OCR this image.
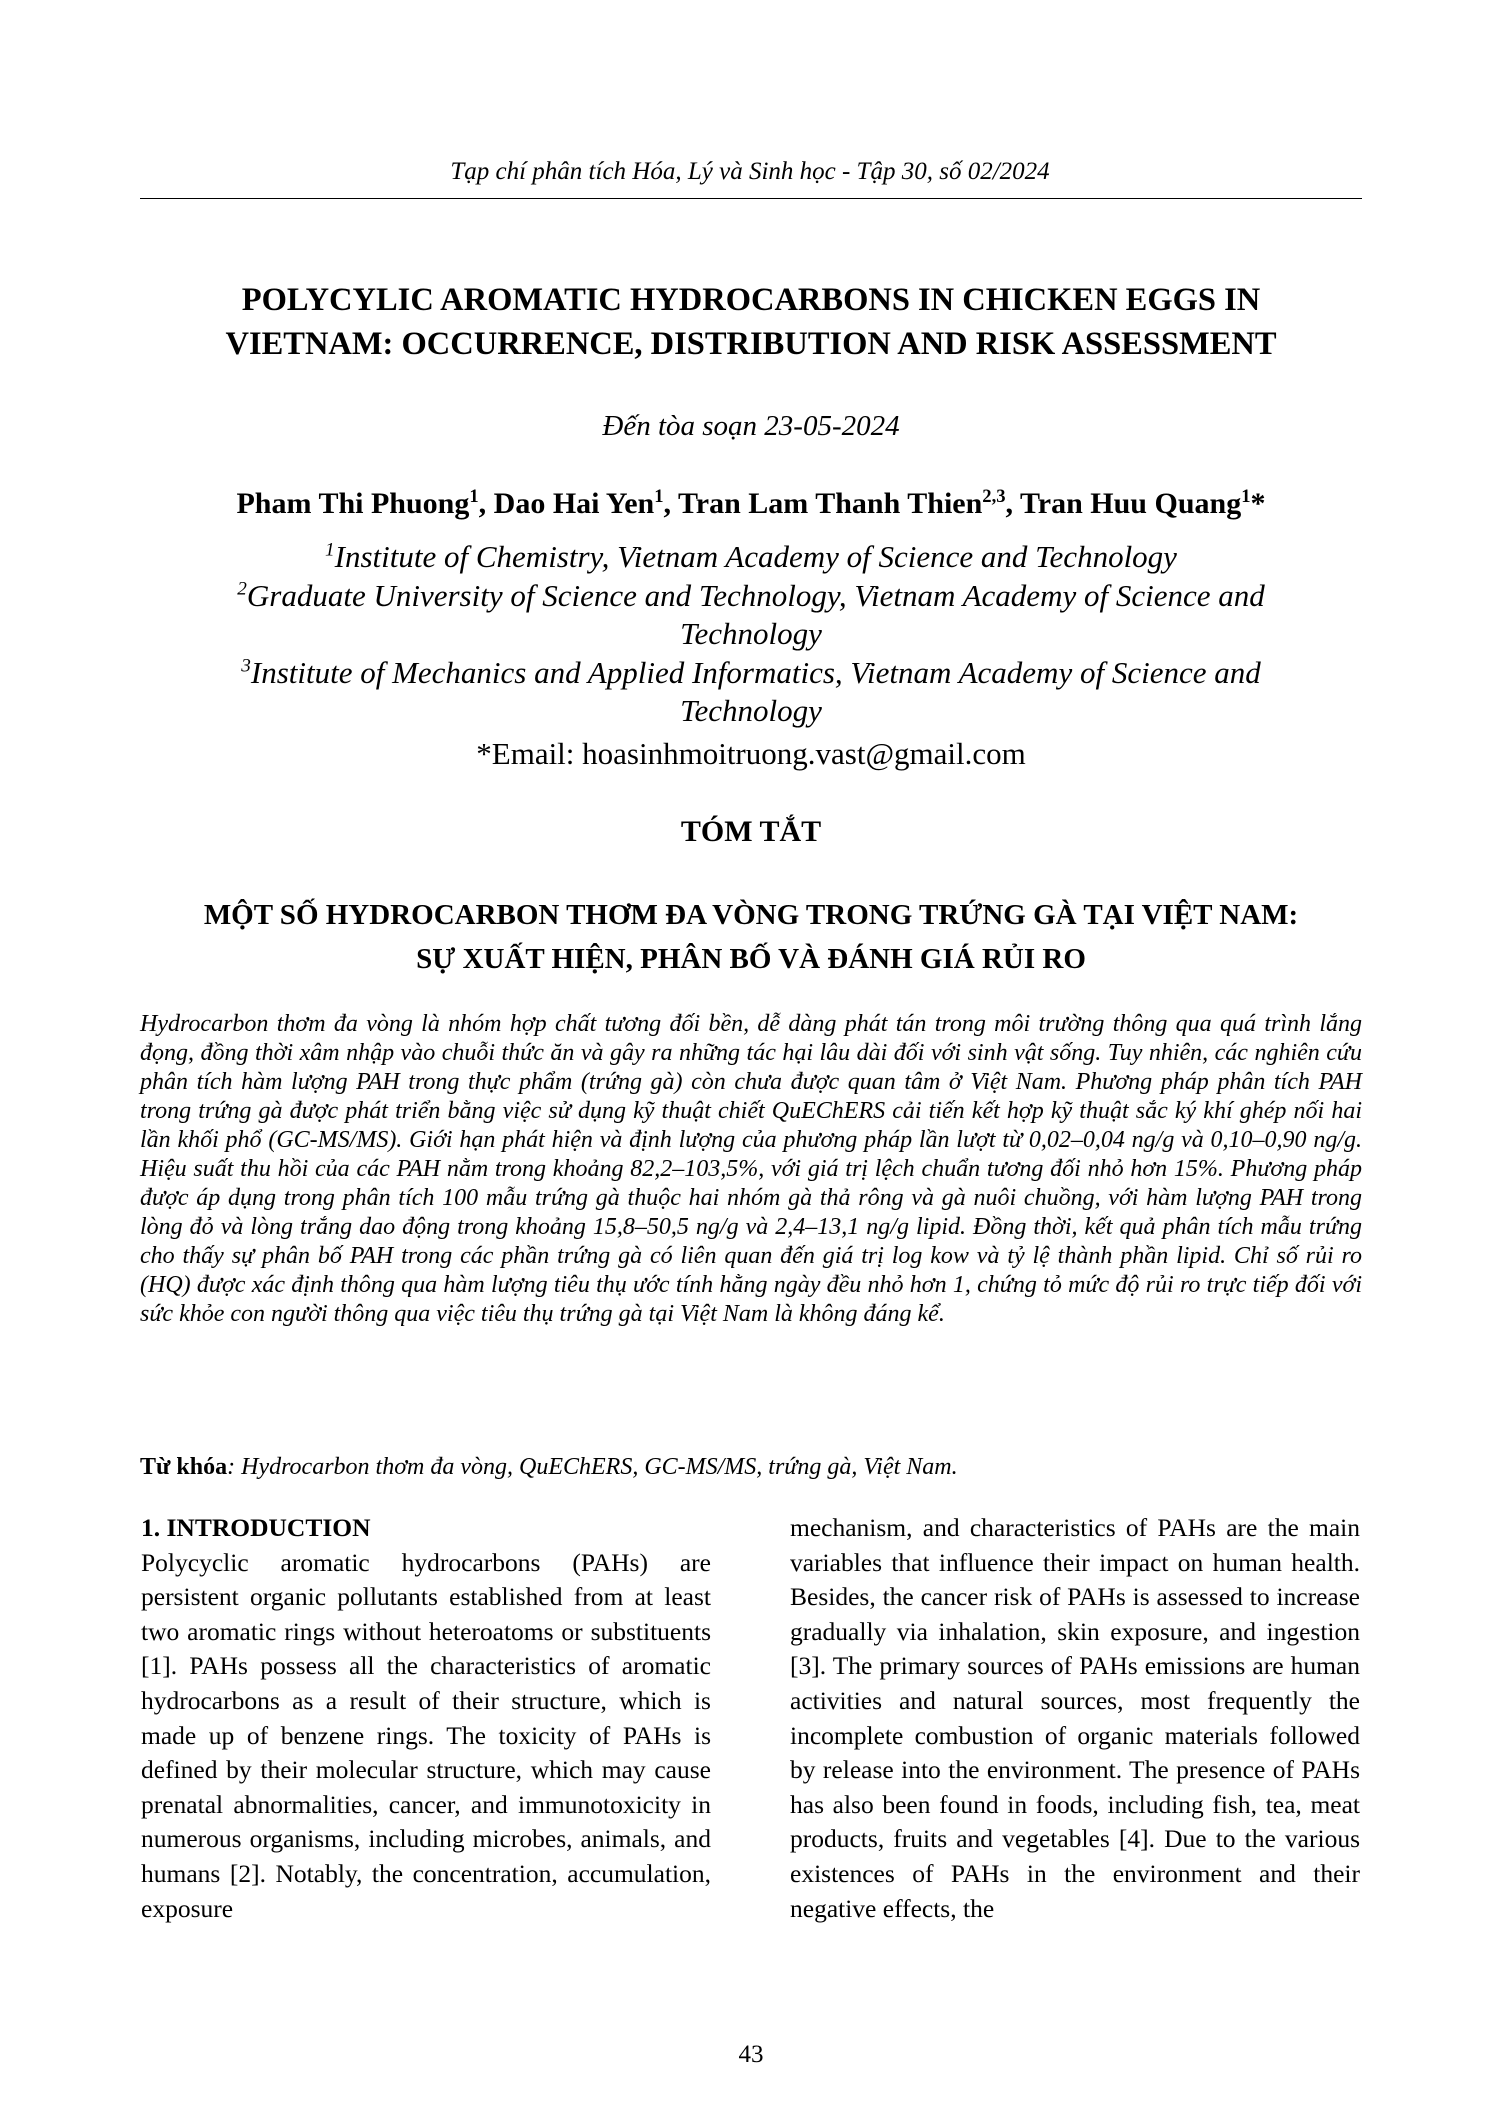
Tạp chí phân tích Hóa, Lý và Sinh học - Tập 30, số 02/2024
POLYCYLIC AROMATIC HYDROCARBONS IN CHICKEN EGGS IN
VIETNAM: OCCURRENCE, DISTRIBUTION AND RISK ASSESSMENT
Đến tòa soạn 23-05-2024
Pham Thi Phuong$^1$, Dao Hai Yen$^1$, Tran Lam Thanh Thien$^{2,3}$, Tran Huu Quang$^1$*
$^1$Institute of Chemistry, Vietnam Academy of Science and Technology
$^2$Graduate University of Science and Technology, Vietnam Academy of Science and
Technology
$^3$Institute of Mechanics and Applied Informatics, Vietnam Academy of Science and
Technology
*Email: hoasinhmoitruong.vast@gmail.com
TÓM TẮT
MỘT SỐ HYDROCARBON THƠM ĐA VÒNG TRONG TRỨNG GÀ TẠI VIỆT NAM:
SỰ XUẤT HIỆN, PHÂN BỐ VÀ ĐÁNH GIÁ RỦI RO
Hydrocarbon thơm đa vòng là nhóm hợp chất tương đối bền, dễ dàng phát tán trong môi trường thông qua quá trình lắng đọng, đồng thời xâm nhập vào chuỗi thức ăn và gây ra những tác hại lâu dài đối với sinh vật sống. Tuy nhiên, các nghiên cứu phân tích hàm lượng PAH trong thực phẩm (trứng gà) còn chưa được quan tâm ở Việt Nam. Phương pháp phân tích PAH trong trứng gà được phát triển bằng việc sử dụng kỹ thuật chiết QuEChERS cải tiến kết hợp kỹ thuật sắc ký khí ghép nối hai lần khối phổ (GC-MS/MS). Giới hạn phát hiện và định lượng của phương pháp lần lượt từ 0,02–0,04 ng/g và 0,10–0,90 ng/g. Hiệu suất thu hồi của các PAH nằm trong khoảng 82,2–103,5%, với giá trị lệch chuẩn tương đối nhỏ hơn 15%. Phương pháp được áp dụng trong phân tích 100 mẫu trứng gà thuộc hai nhóm gà thả rông và gà nuôi chuồng, với hàm lượng PAH trong lòng đỏ và lòng trắng dao động trong khoảng 15,8–50,5 ng/g và 2,4–13,1 ng/g lipid. Đồng thời, kết quả phân tích mẫu trứng cho thấy sự phân bố PAH trong các phần trứng gà có liên quan đến giá trị log kow và tỷ lệ thành phần lipid. Chỉ số rủi ro (HQ) được xác định thông qua hàm lượng tiêu thụ ước tính hằng ngày đều nhỏ hơn 1, chứng tỏ mức độ rủi ro trực tiếp đối với sức khỏe con người thông qua việc tiêu thụ trứng gà tại Việt Nam là không đáng kể.
Từ khóa: Hydrocarbon thơm đa vòng, QuEChERS, GC-MS/MS, trứng gà, Việt Nam.
1. INTRODUCTION
Polycyclic aromatic hydrocarbons (PAHs) are persistent organic pollutants established from at least two aromatic rings without heteroatoms or substituents [1]. PAHs possess all the characteristics of aromatic hydrocarbons as a result of their structure, which is made up of benzene rings. The toxicity of PAHs is defined by their molecular structure, which may cause prenatal abnormalities, cancer, and immunotoxicity in numerous organisms, including microbes, animals, and humans [2]. Notably, the concentration, accumulation, exposure
mechanism, and characteristics of PAHs are the main variables that influence their impact on human health. Besides, the cancer risk of PAHs is assessed to increase gradually via inhalation, skin exposure, and ingestion [3]. The primary sources of PAHs emissions are human activities and natural sources, most frequently the incomplete combustion of organic materials followed by release into the environment. The presence of PAHs has also been found in foods, including fish, tea, meat products, fruits and vegetables [4]. Due to the various existences of PAHs in the environment and their negative effects, the
43
